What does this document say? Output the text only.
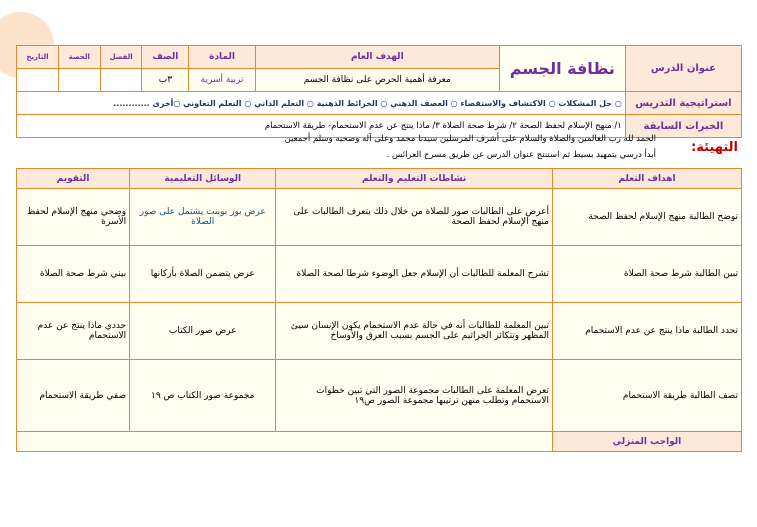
عنوان الدرس	نظافة الجسم	الهدف العام	المادة	الصف	الفصل	الحصة	التاريخ
		معرفة أهمية الحرص على نظافة الجسم	تربية أسرية	٣ب			
استراتيجية التدريس	○ حل المشكلات ○ الاكتشاف والاستقصاء ○ العصف الذهني ○ الخرائط الذهنية ○ التعلم الذاتي ○ التعلم التعاوني ○أخرى ............						
الخبرات السابقة	١/ منهج الإسلام لحفظ الصحة ٢/ شرط صحة الصلاة ٣/ ماذا ينتج عن عدم الاستحمام- طريقة الاستحمام						
التهيئة:
الحمد لله رب العالمين والصلاة والسلام على أشرف المرسلين سيدنا محمد وعلى آله وصحبه وسلم أجمعين
أبدأ درسي بتمهيد بسيط ثم استنتج عنوان الدرس عن طريق مسرح العرائس .
اهداف التعلم	نشاطات التعليم والتعلم	الوسائل التعليمية	التقويم
توضح الطالبة منهج الإسلام لحفظ الصحة	أعرض على الطالبات صور للصلاة من خلال ذلك يتعرف الطالبات على منهج الإسلام لحفظ الصحة	عرض بور بوينت يشتمل على صور الصلاة	وضحي منهج الإسلام لحفظ الأسرة
تبين الطالبة شرط صحة الصلاة	تشرح المعلمة للطالبات أن الإسلام جعل الوضوء شرطا لصحة الصلاة	عرض يتضمن الصلاة بأركانها	بيني شرط صحة الصلاة
تحدد الطالبة ماذا ينتج عن عدم الاستحمام	تبين المعلمة للطالبات أنه في حالة عدم الاستحمام يكون الإنسان سيئ المظهر وتتكاثر الجراثيم على الجسم بسبب العرق والأوساخ	عرض صور الكتاب	حددي ماذا ينتج عن عدم الاستحمام
تصف الطالبة طريقة الاستحمام	تعرض المعلمة على الطالبات مجموعة الصور التي تبين خطوات الاستحمام وتطلب منهن ترتيبها مجموعة الصور ص١٩	مجموعة صور الكتاب ص ١٩	صفي طريقة الاستحمام
الواجب المنزلي			
